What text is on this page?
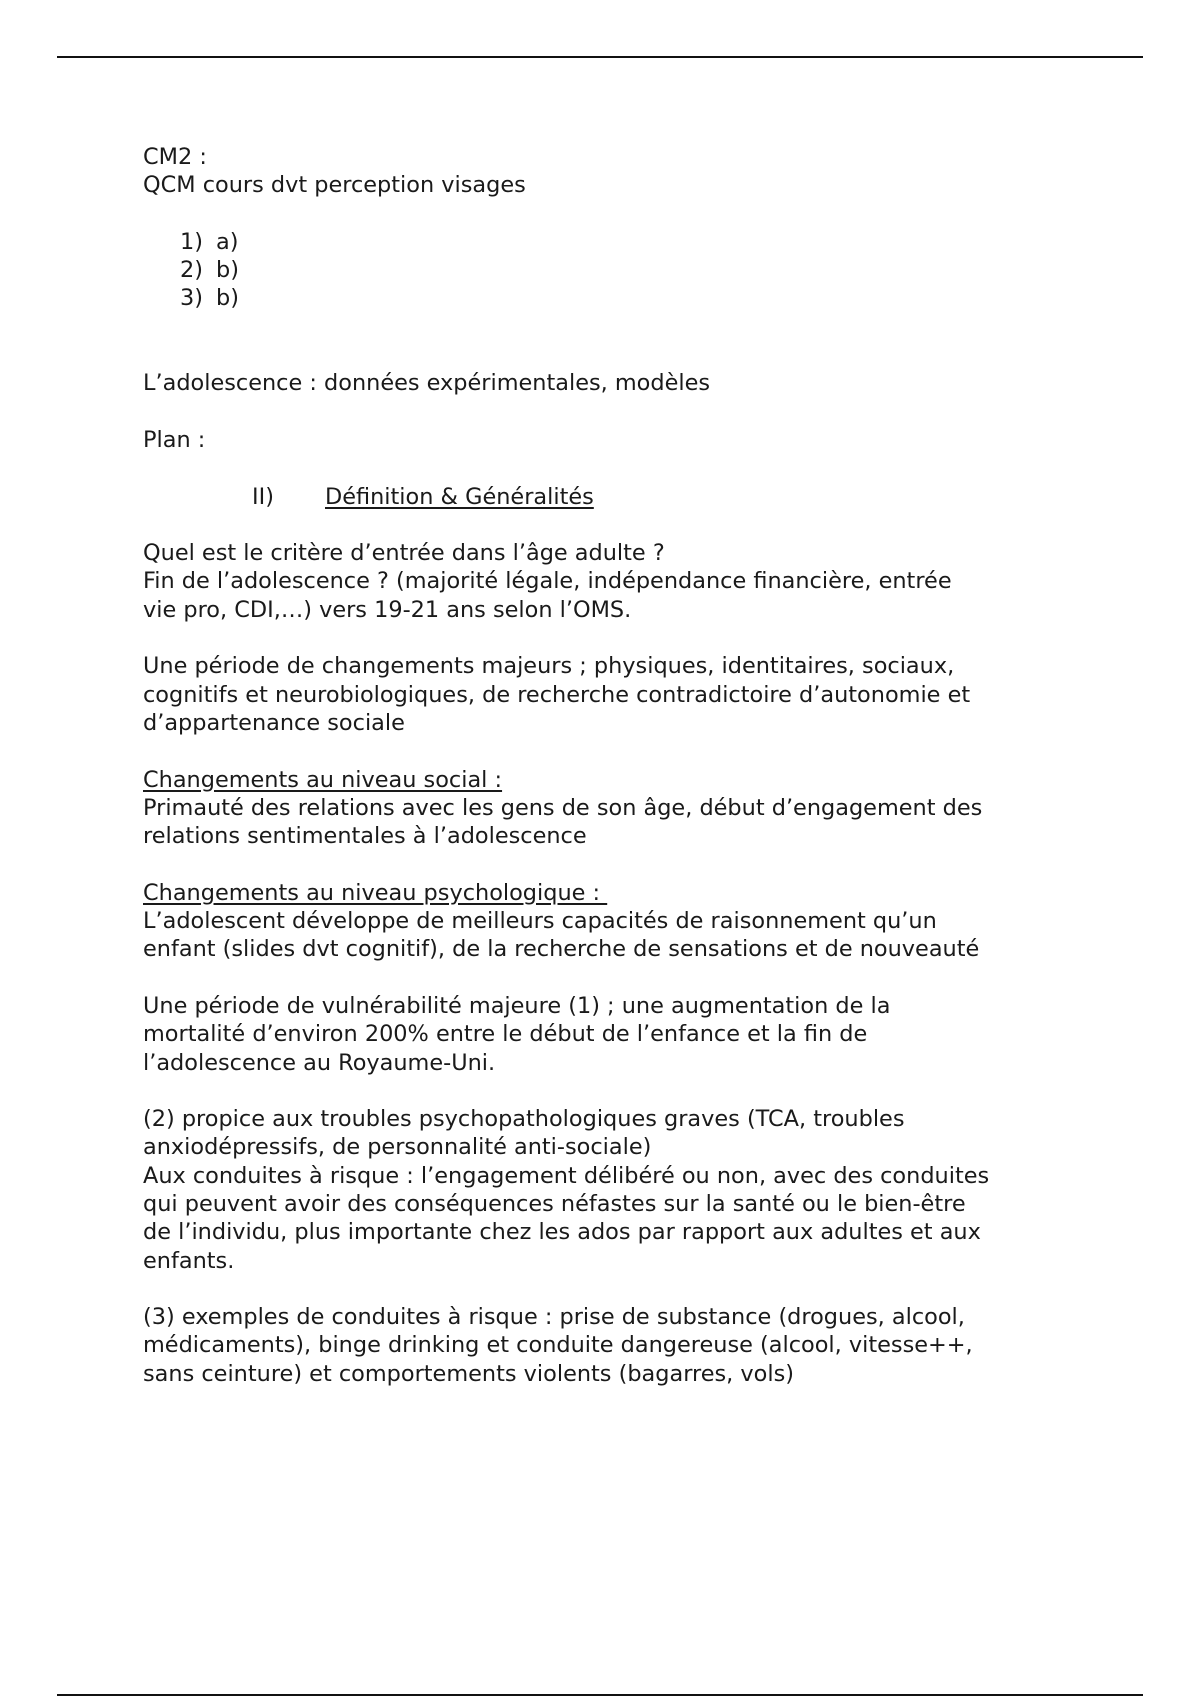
CM2 :
QCM cours dvt perception visages
1) a)
2) b)
3) b)
L’adolescence : données expérimentales, modèles
Plan :
II) Définition & Généralités
Quel est le critère d’entrée dans l’âge adulte ?
Fin de l’adolescence ? (majorité légale, indépendance financière, entrée
vie pro, CDI,…) vers 19-21 ans selon l’OMS.
Une période de changements majeurs ; physiques, identitaires, sociaux,
cognitifs et neurobiologiques, de recherche contradictoire d’autonomie et
d’appartenance sociale
Changements au niveau social :
Primauté des relations avec les gens de son âge, début d’engagement des
relations sentimentales à l’adolescence
Changements au niveau psychologique :
L’adolescent développe de meilleurs capacités de raisonnement qu’un
enfant (slides dvt cognitif), de la recherche de sensations et de nouveauté
Une période de vulnérabilité majeure (1) ; une augmentation de la
mortalité d’environ 200% entre le début de l’enfance et la fin de
l’adolescence au Royaume-Uni.
(2) propice aux troubles psychopathologiques graves (TCA, troubles
anxiodépressifs, de personnalité anti-sociale)
Aux conduites à risque : l’engagement délibéré ou non, avec des conduites
qui peuvent avoir des conséquences néfastes sur la santé ou le bien-être
de l’individu, plus importante chez les ados par rapport aux adultes et aux
enfants.
(3) exemples de conduites à risque : prise de substance (drogues, alcool,
médicaments), binge drinking et conduite dangereuse (alcool, vitesse++,
sans ceinture) et comportements violents (bagarres, vols)
